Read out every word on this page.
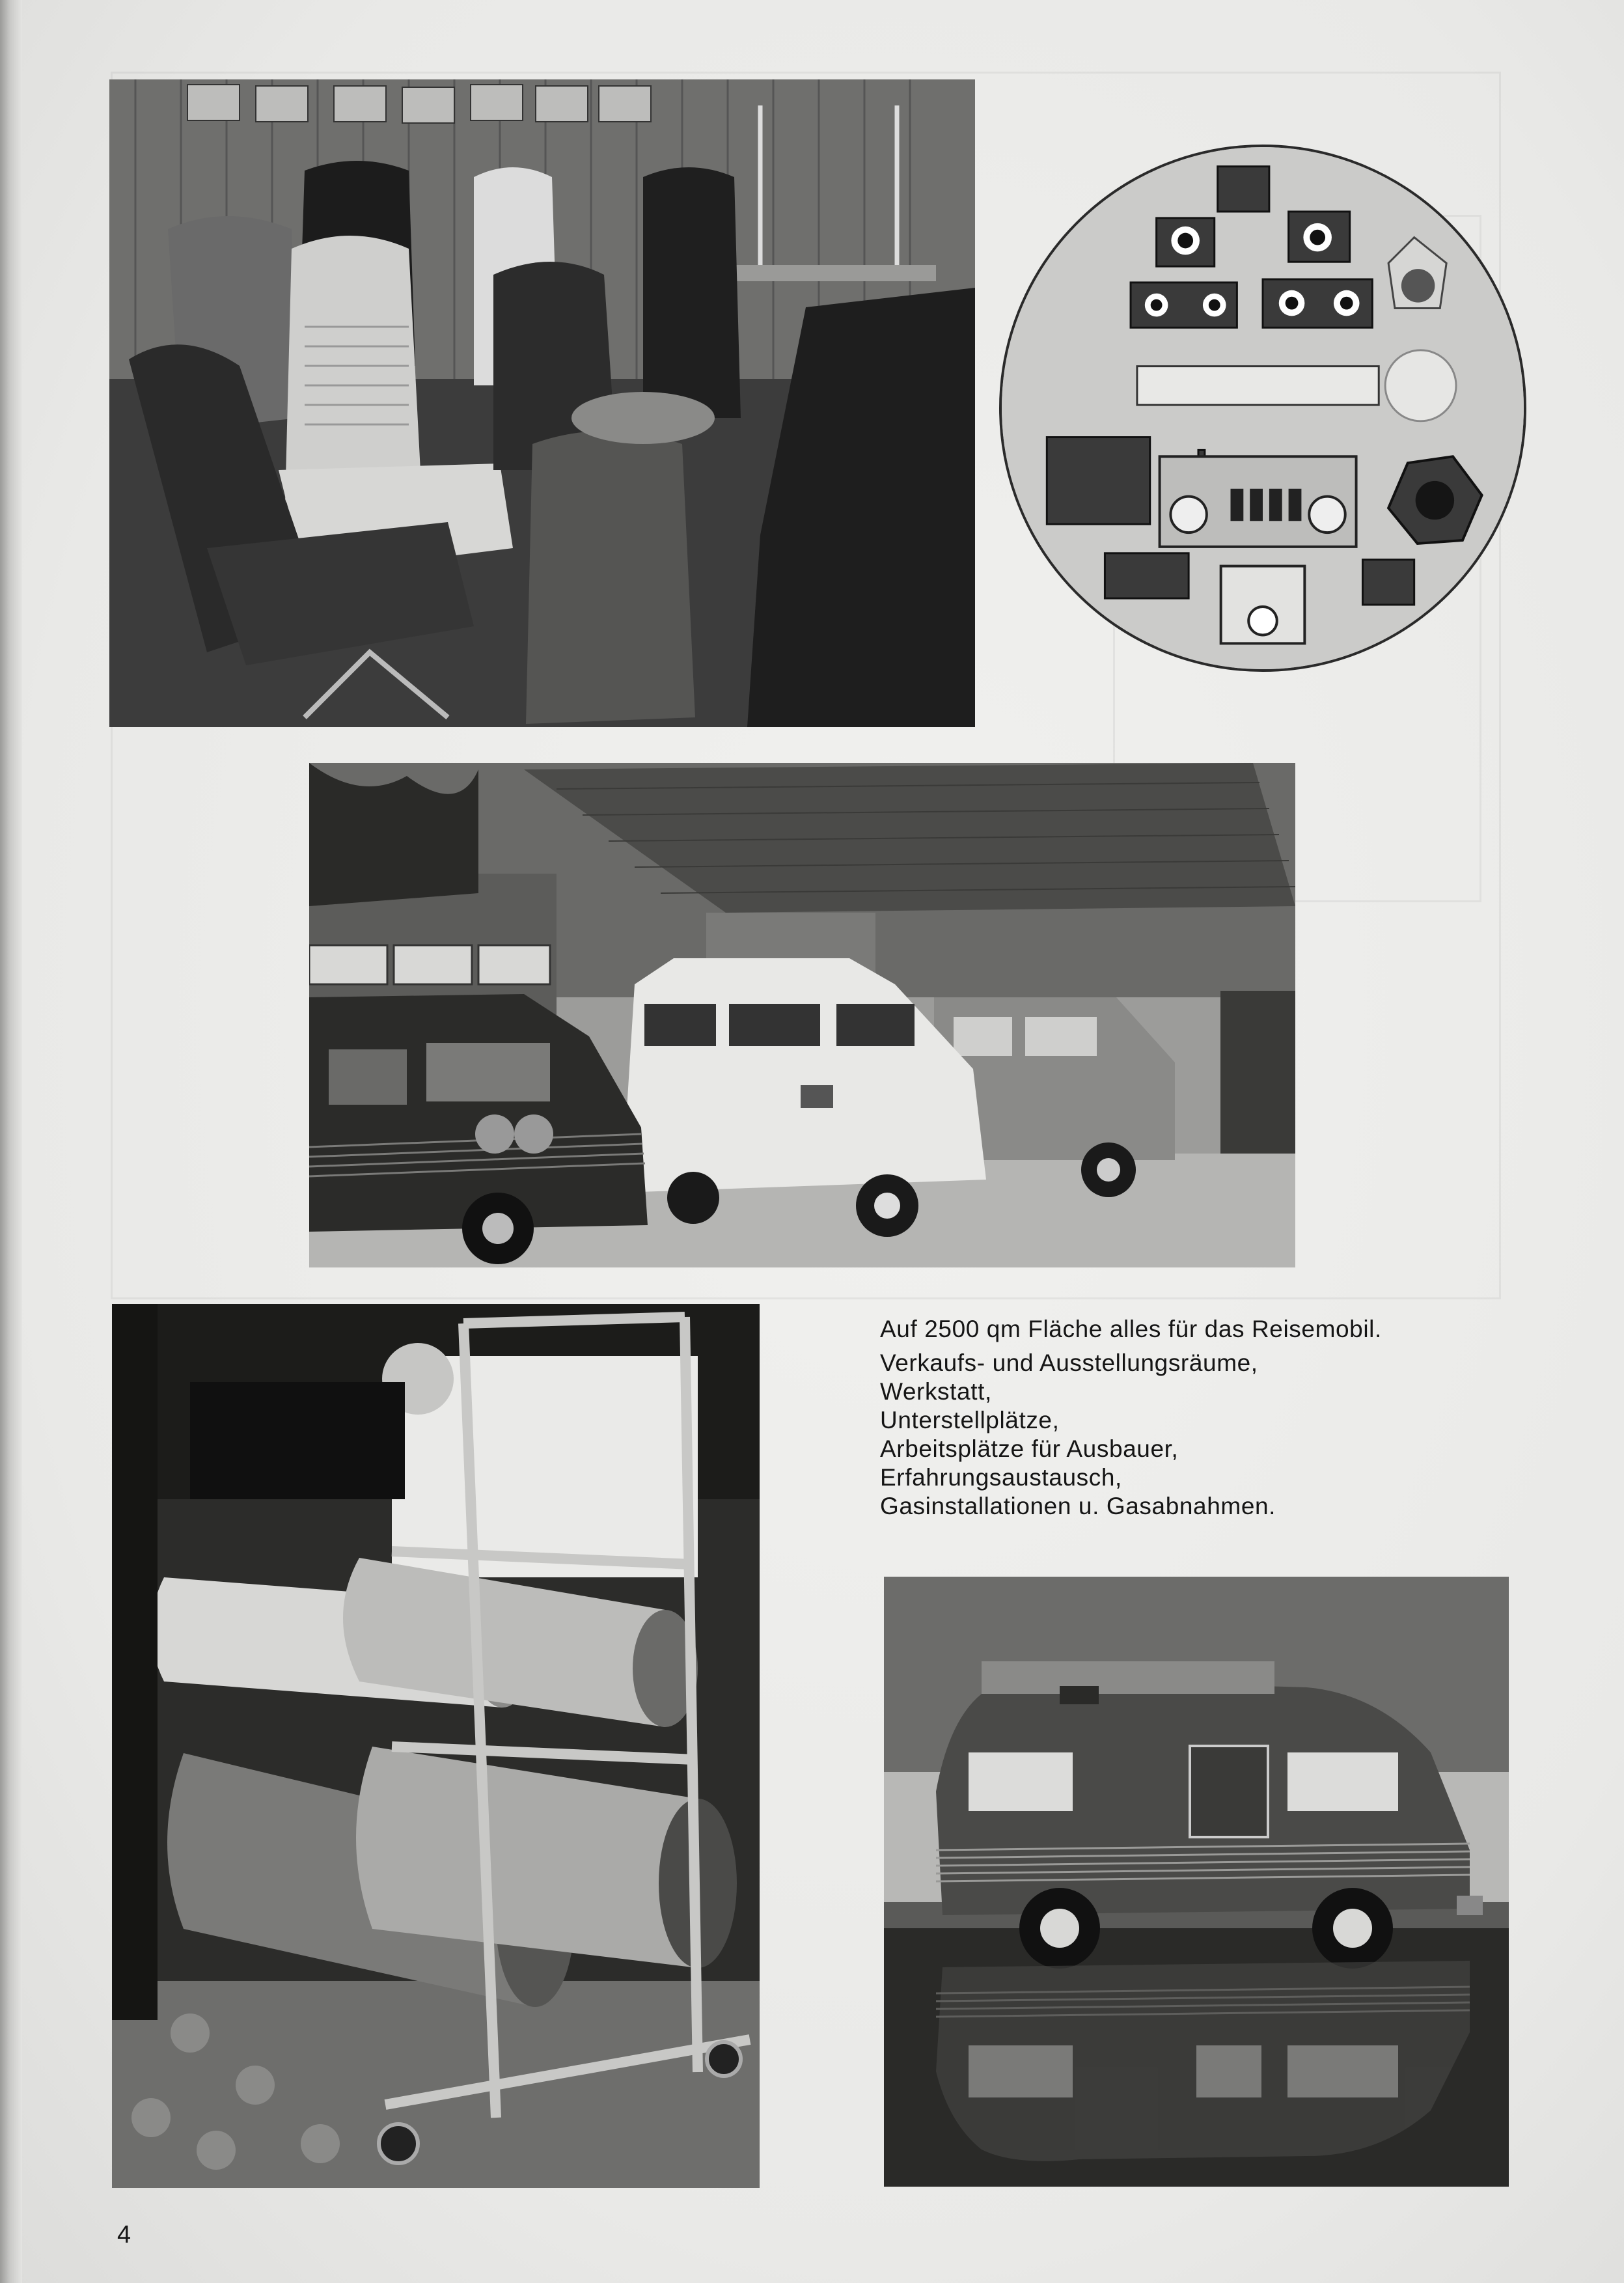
Auf 2500 qm Fläche alles für das Reisemobil.
Verkaufs- und Ausstellungsräume,
Werkstatt,
Unterstellplätze,
Arbeitsplätze für Ausbauer,
Erfahrungsaustausch,
Gasinstallationen u. Gasabnahmen.
4
